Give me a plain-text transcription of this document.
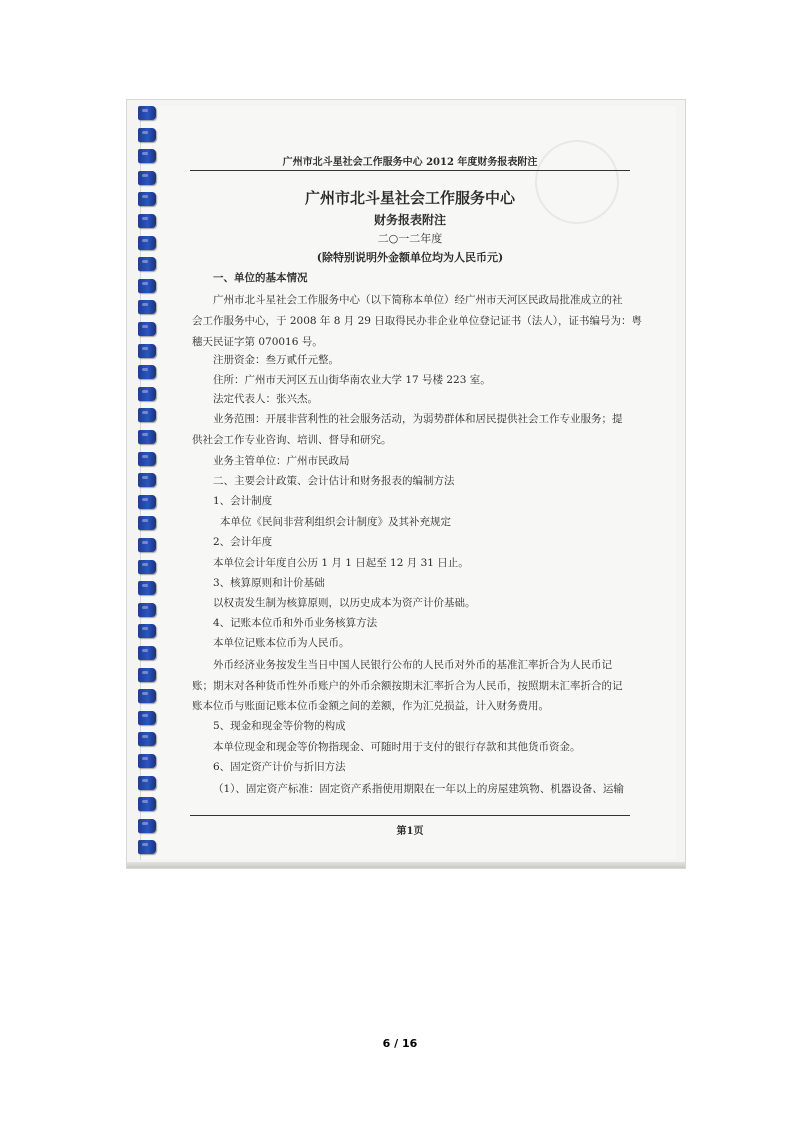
广州市北斗星社会工作服务中心 2012 年度财务报表附注
广州市北斗星社会工作服务中心
财务报表附注
二○一二年度
(除特别说明外金额单位均为人民币元)
一、单位的基本情况
广州市北斗星社会工作服务中心（以下简称本单位）经广州市天河区民政局批准成立的社
会工作服务中心，于 2008 年 8 月 29 日取得民办非企业单位登记证书（法人），证书编号为：粤
穗天民证字第 070016 号。
注册资金：叁万贰仟元整。
住所：广州市天河区五山街华南农业大学 17 号楼 223 室。
法定代表人：张兴杰。
业务范围：开展非营利性的社会服务活动，为弱势群体和居民提供社会工作专业服务；提
供社会工作专业咨询、培训、督导和研究。
业务主管单位：广州市民政局
二、主要会计政策、会计估计和财务报表的编制方法
1、会计制度
本单位《民间非营利组织会计制度》及其补充规定
2、会计年度
本单位会计年度自公历 1 月 1 日起至 12 月 31 日止。
3、核算原则和计价基础
以权责发生制为核算原则，以历史成本为资产计价基础。
4、记账本位币和外币业务核算方法
本单位记账本位币为人民币。
外币经济业务按发生当日中国人民银行公布的人民币对外币的基准汇率折合为人民币记
账；期末对各种货币性外币账户的外币余额按期末汇率折合为人民币，按照期末汇率折合的记
账本位币与账面记账本位币金额之间的差额，作为汇兑损益，计入财务费用。
5、现金和现金等价物的构成
本单位现金和现金等价物指现金、可随时用于支付的银行存款和其他货币资金。
6、固定资产计价与折旧方法
（1）、固定资产标准：固定资产系指使用期限在一年以上的房屋建筑物、机器设备、运输
第1页
6 / 16
